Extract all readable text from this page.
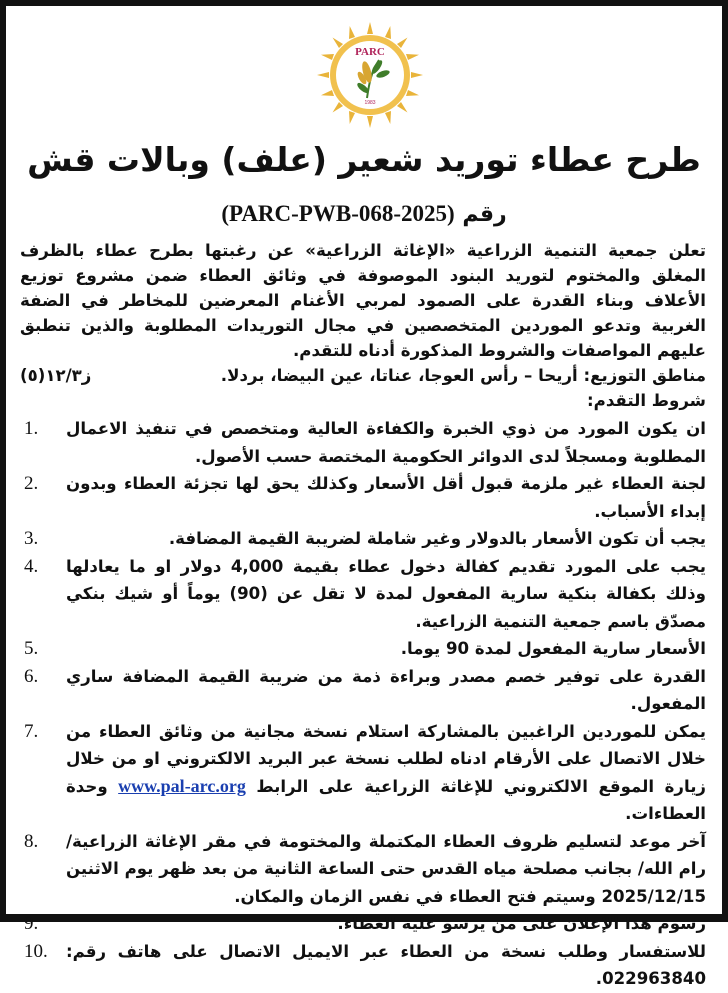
PARC
1983
طرح عطاء توريد شعير (علف) وبالات قش
رقم (PARC-PWB-068-2025)

تعلن جمعية التنمية الزراعية «الإغاثة الزراعية» عن رغبتها بطرح عطاء بالظرف المغلق والمختوم لتوريد البنود الموصوفة في وثائق العطاء ضمن مشروع توزيع الأعلاف وبناء القدرة على الصمود لمربي الأغنام المعرضين للمخاطر في الضفة الغربية وتدعو الموردين المتخصصين في مجال التوريدات المطلوبة والذين تنطبق عليهم المواصفات والشروط المذكورة أدناه للتقدم.

مناطق التوزيع: أريحا – رأس العوجا، عناتا، عين البيضا، بردلا.
ز١٢/٣(٥)
شروط التقدم:
1. ان يكون المورد من ذوي الخبرة والكفاءة العالية ومتخصص في تنفيذ الاعمال المطلوبة ومسجلاً لدى الدوائر الحكومية المختصة حسب الأصول.
2. لجنة العطاء غير ملزمة قبول أقل الأسعار وكذلك يحق لها تجزئة العطاء وبدون إبداء الأسباب.
3.	يجب أن تكون الأسعار بالدولار وغير شاملة لضريبة القيمة المضافة.
4. يجب على المورد تقديم كفالة دخول عطاء بقيمة 4,000 دولار او ما يعادلها وذلك بكفالة بنكية سارية المفعول لمدة لا تقل عن (90) يوماً أو شيك بنكي مصدّق باسم جمعية التنمية الزراعية.
5.	الأسعار سارية المفعول لمدة 90 يوما.
6. القدرة على توفير خصم مصدر وبراءة ذمة من ضريبة القيمة المضافة ساري المفعول.
7. يمكن للموردين الراغبين بالمشاركة استلام نسخة مجانية من وثائق العطاء من خلال الاتصال على الأرقام ادناه لطلب نسخة عبر البريد الالكتروني او من خلال زيارة الموقع الالكتروني للإغاثة الزراعية على الرابط www.pal-arc.org وحدة العطاءات.
8. آخر موعد لتسليم ظروف العطاء المكتملة والمختومة في مقر الإغاثة الزراعية/ رام الله/ بجانب مصلحة مياه القدس حتى الساعة الثانية من بعد ظهر يوم الاثنين 2025/12/15 وسيتم فتح العطاء في نفس الزمان والمكان.
9.	رسوم هذا الإعلان على من يرسو عليه العطاء.
10. للاستفسار وطلب نسخة من العطاء عبر الايميل الاتصال على هاتف رقم: 022963840.
